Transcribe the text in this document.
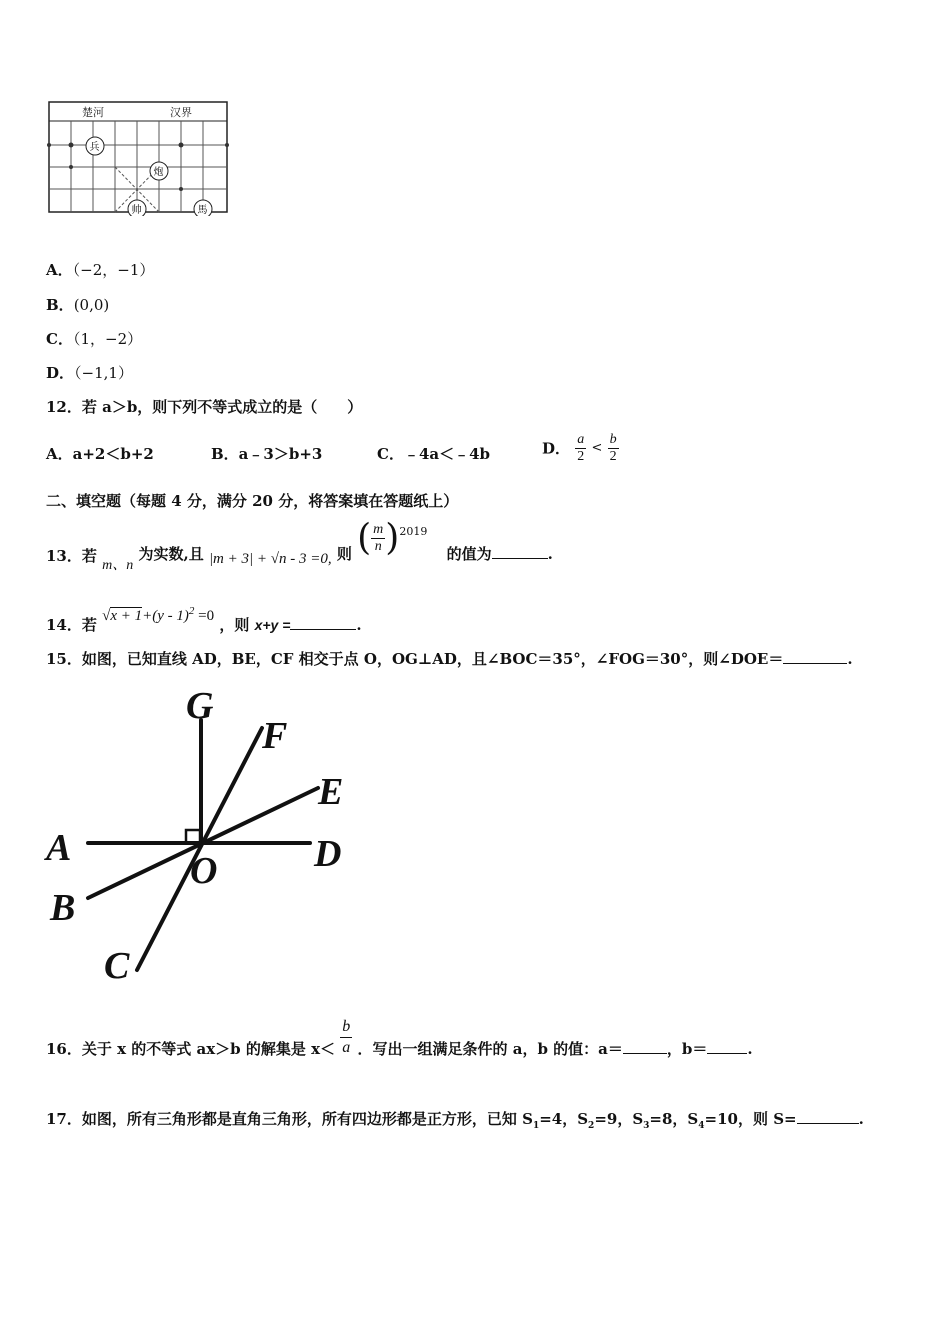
楚河	汉界
兵
炮
帅	馬
A．（−2，−1）
B．(0,0)
C．（1，−2）
D．（−1,1）
12．若 a＞b，则下列不等式成立的是（　　）
A．a+2＜b+2	B．a﹣3＞b+3	C．﹣4a＜﹣4b	D． $\frac{a}{2} < \frac{b}{2}$
二、填空题（每题 4 分，满分 20 分，将答案填在答题纸上）
13．若 m、n 为实数,且 |m + 3| + √n - 3 =0, 则 ( $\frac{m}{n} )^{2019}$ 的值为	.
14．若 √x + 1+(y - 1)$^2$ =0 ，则 x+y =	.
15．如图，已知直线 AD，BE，CF 相交于点 O，OG⊥AD，且∠BOC＝35°，∠FOG＝30°，则∠DOE＝	.
G
F
E
A
O	D
B
C
16．关于 x 的不等式 ax＞b 的解集是 $x< \frac{b}{a}$ ．写出一组满足条件的 a，b 的值：a＝	，b＝	.
17．如图，所有三角形都是直角三角形，所有四边形都是正方形，已知 $S_1=4$，$S_2=9$，$S_3=8$，$S_4=10$，则 S=	.
